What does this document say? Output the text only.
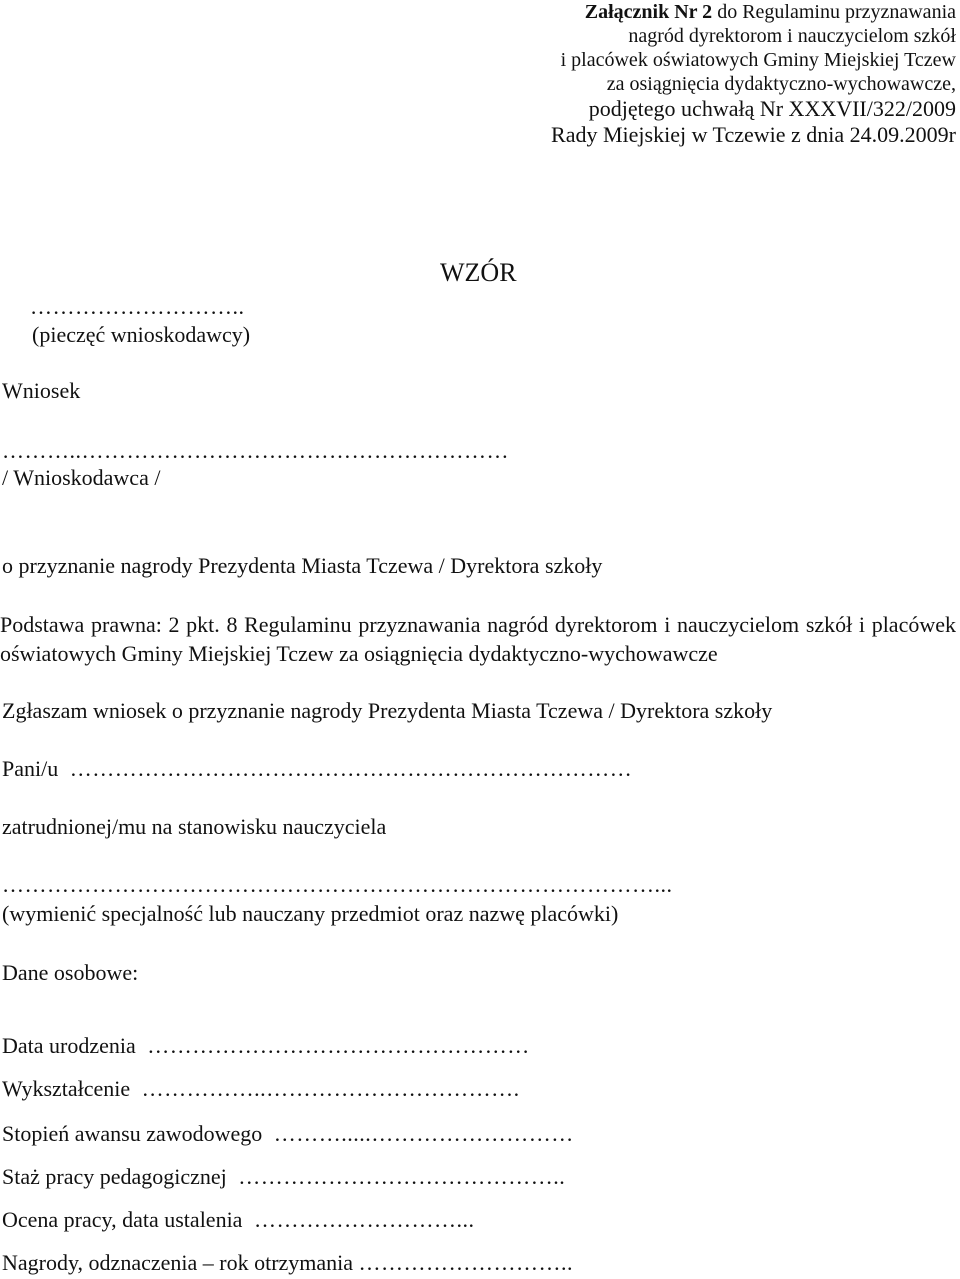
Załącznik Nr 2 do Regulaminu przyznawania
nagród dyrektorom i nauczycielom szkół
i placówek oświatowych Gminy Miejskiej Tczew
za osiągnięcia dydaktyczno-wychowawcze,
podjętego uchwałą Nr XXXVII/322/2009
Rady Miejskiej w Tczewie z dnia 24.09.2009r
WZÓR
………………………..
(pieczęć wnioskodawcy)
Wniosek
………..…………………………………………………
/ Wnioskodawca /
o przyznanie nagrody Prezydenta Miasta Tczewa / Dyrektora szkoły

Podstawa prawna: 2 pkt. 8 Regulaminu przyznawania nagród dyrektorom i nauczycielom szkół i placówek oświatowych Gminy Miejskiej Tczew za osiągnięcia dydaktyczno-wychowawcze

Zgłaszam wniosek o przyznanie nagrody Prezydenta Miasta Tczewa / Dyrektora szkoły
Pani/u …………………………………………………………………
zatrudnionej/mu na stanowisku nauczyciela
……………………………………………………………………………...
(wymienić specjalność lub nauczany przedmiot oraz nazwę placówki)
Dane osobowe:
Data urodzenia ……………………………………………
Wykształcenie ……………..…………………………….
Stopień awansu zawodowego ……….....………………………
Staż pracy pedagogicznej ……………………………………..
Ocena pracy, data ustalenia ………………………...
Nagrody, odznaczenia – rok otrzymania ………………………..
